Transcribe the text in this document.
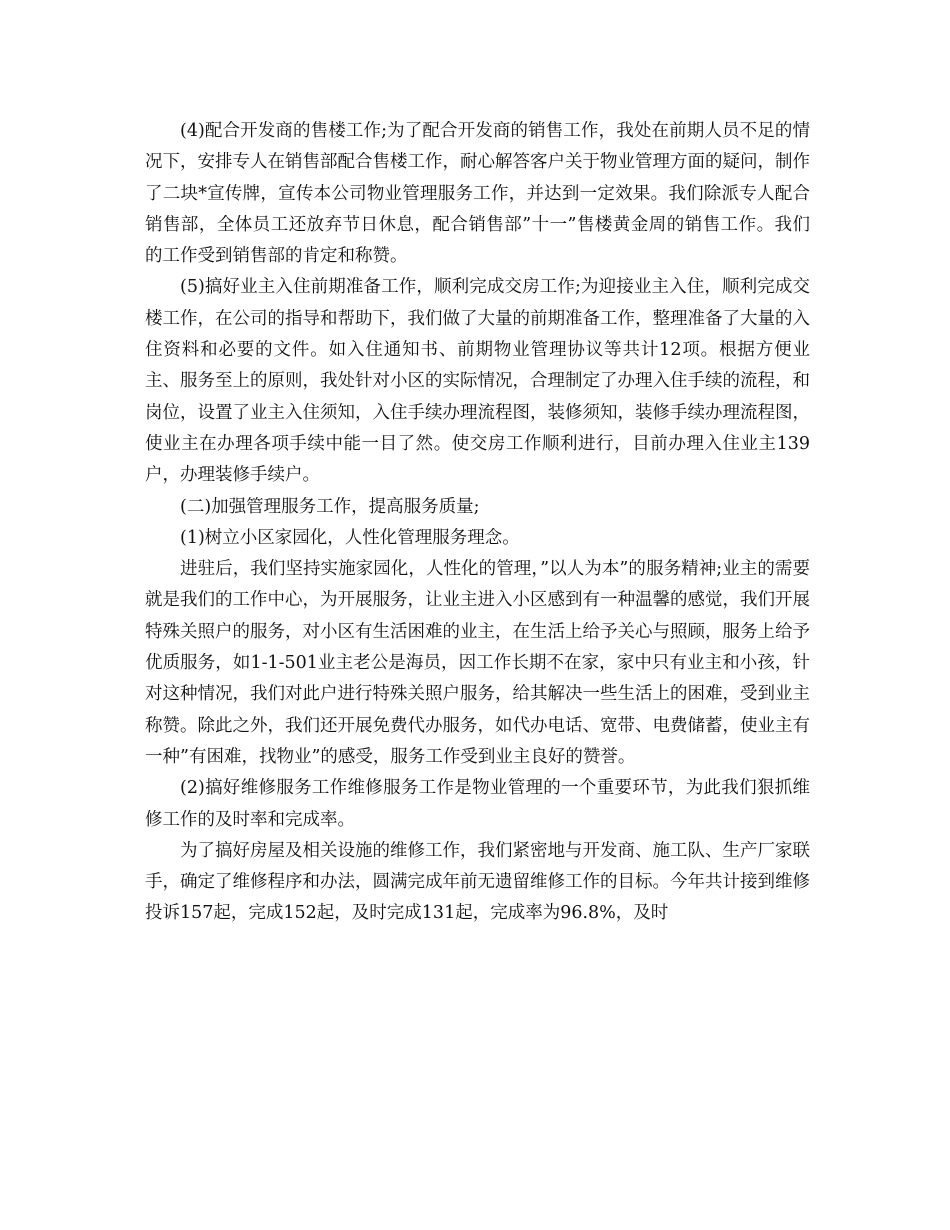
(4)配合开发商的售楼工作;为了配合开发商的销售工作，我处在前期人员不足的情况下，安排专人在销售部配合售楼工作，耐心解答客户关于物业管理方面的疑问，制作了二块*宣传牌，宣传本公司物业管理服务工作，并达到一定效果。我们除派专人配合销售部，全体员工还放弃节日休息，配合销售部”十一”售楼黄金周的销售工作。我们的工作受到销售部的肯定和称赞。

(5)搞好业主入住前期准备工作，顺利完成交房工作;为迎接业主入住，顺利完成交楼工作，在公司的指导和帮助下，我们做了大量的前期准备工作，整理准备了大量的入住资料和必要的文件。如入住通知书、前期物业管理协议等共计12项。根据方便业主、服务至上的原则，我处针对小区的实际情况，合理制定了办理入住手续的流程，和岗位，设置了业主入住须知，入住手续办理流程图，装修须知，装修手续办理流程图，使业主在办理各项手续中能一目了然。使交房工作顺利进行，目前办理入住业主139户，办理装修手续户。

(二)加强管理服务工作，提高服务质量;

(1)树立小区家园化，人性化管理服务理念。

进驻后，我们坚持实施家园化，人性化的管理，”以人为本”的服务精神;业主的需要就是我们的工作中心，为开展服务，让业主进入小区感到有一种温馨的感觉，我们开展特殊关照户的服务，对小区有生活困难的业主，在生活上给予关心与照顾，服务上给予优质服务，如1-1-501业主老公是海员，因工作长期不在家，家中只有业主和小孩，针对这种情况，我们对此户进行特殊关照户服务，给其解决一些生活上的困难，受到业主称赞。除此之外，我们还开展免费代办服务，如代办电话、宽带、电费储蓄，使业主有一种”有困难，找物业”的感受，服务工作受到业主良好的赞誉。

(2)搞好维修服务工作维修服务工作是物业管理的一个重要环节，为此我们狠抓维修工作的及时率和完成率。

为了搞好房屋及相关设施的维修工作，我们紧密地与开发商、施工队、生产厂家联手，确定了维修程序和办法，圆满完成年前无遗留维修工作的目标。今年共计接到维修投诉157起，完成152起，及时完成131起，完成率为96.8%，及时
